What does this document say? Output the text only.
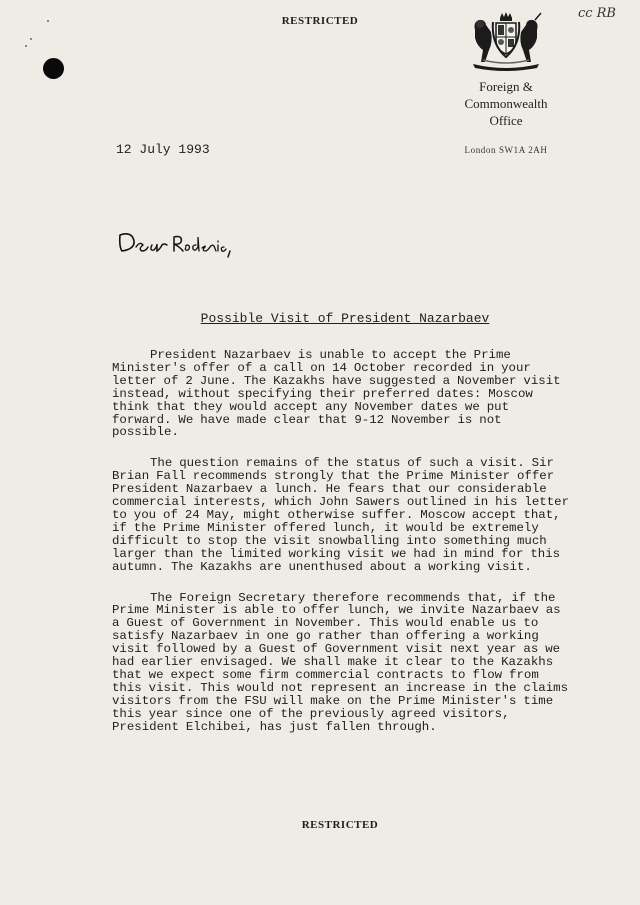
RESTRICTED	cc RB
Foreign &
Commonwealth
Office
London SW1A 2AH
12 July 1993
Possible Visit of President Nazarbaev

President Nazarbaev is unable to accept the Prime Minister's offer of a call on 14 October recorded in your letter of 2 June. The Kazakhs have suggested a November visit instead, without specifying their preferred dates: Moscow think that they would accept any November dates we put forward. We have made clear that 9-12 November is not possible.

The question remains of the status of such a visit. Sir Brian Fall recommends strongly that the Prime Minister offer President Nazarbaev a lunch. He fears that our considerable commercial interests, which John Sawers outlined in his letter to you of 24 May, might otherwise suffer. Moscow accept that, if the Prime Minister offered lunch, it would be extremely difficult to stop the visit snowballing into something much larger than the limited working visit we had in mind for this autumn. The Kazakhs are unenthused about a working visit.

The Foreign Secretary therefore recommends that, if the Prime Minister is able to offer lunch, we invite Nazarbaev as a Guest of Government in November. This would enable us to satisfy Nazarbaev in one go rather than offering a working visit followed by a Guest of Government visit next year as we had earlier envisaged. We shall make it clear to the Kazakhs that we expect some firm commercial contracts to flow from this visit. This would not represent an increase in the claims visitors from the FSU will make on the Prime Minister's time this year since one of the previously agreed visitors, President Elchibei, has just fallen through.

RESTRICTED
